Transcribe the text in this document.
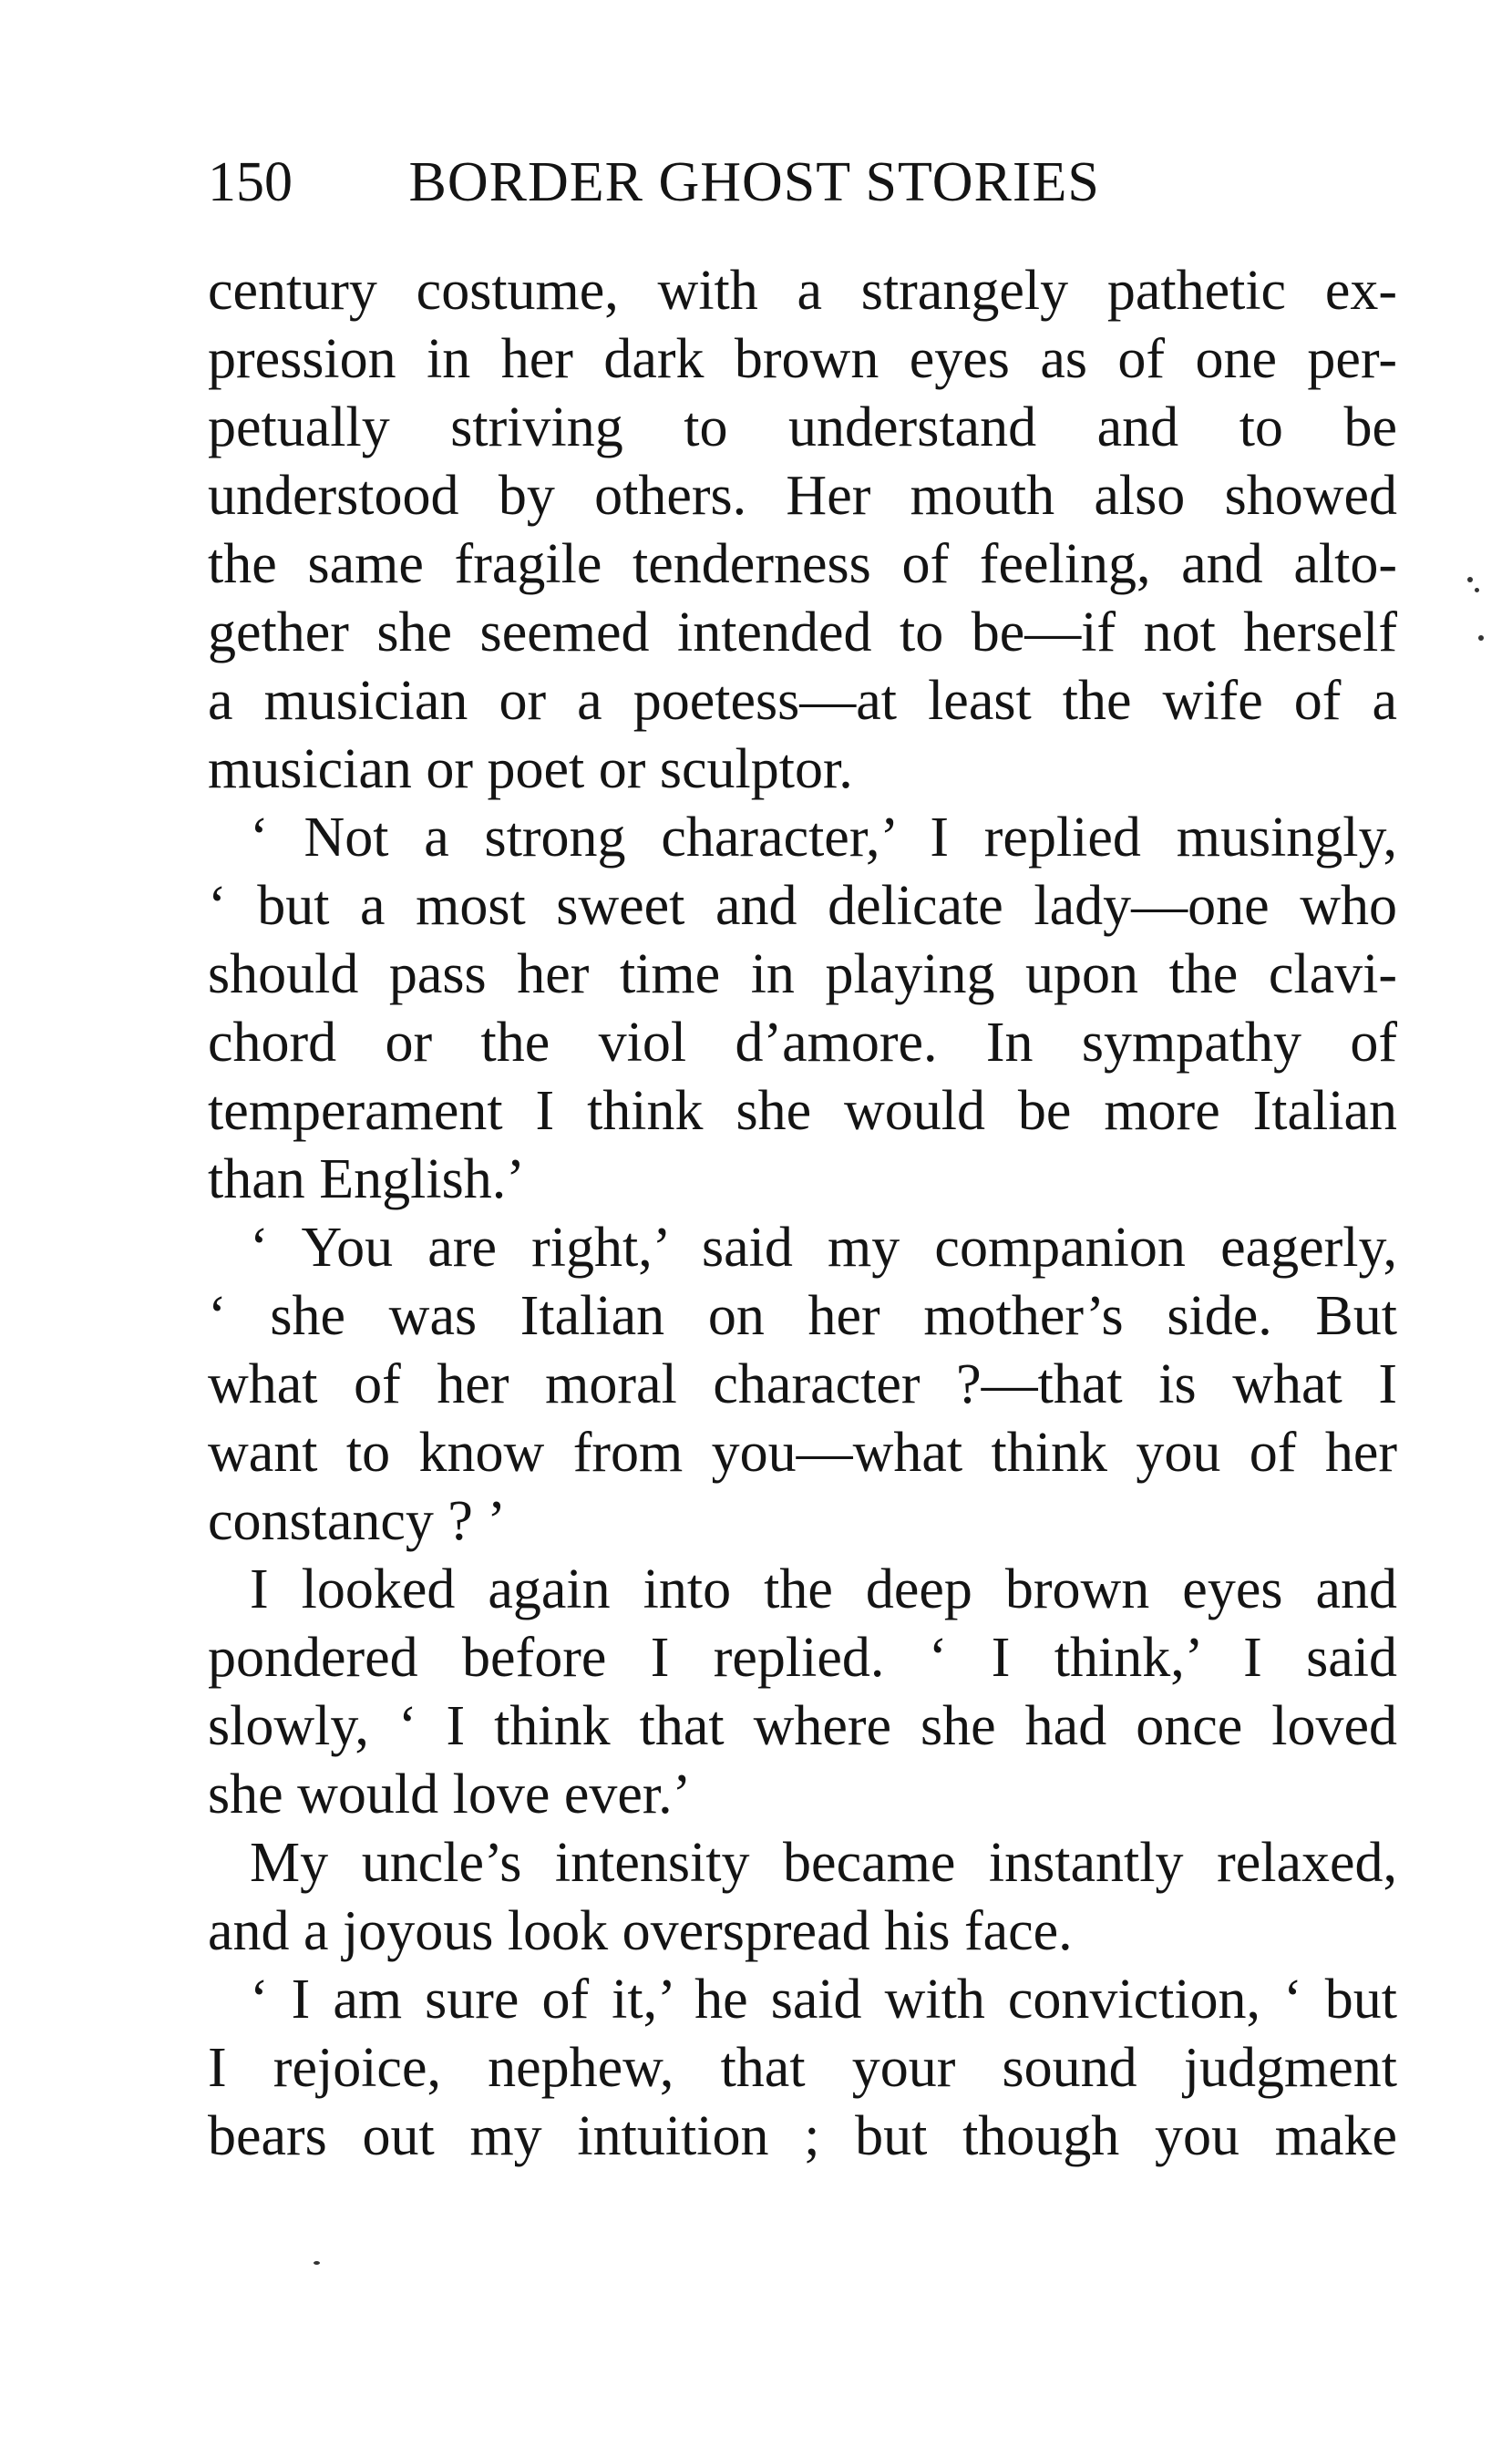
150 BORDER GHOST STORIES
century costume, with a strangely pathetic ex-
pression in her dark brown eyes as of one per-
petually striving to understand and to be
understood by others. Her mouth also showed
the same fragile tenderness of feeling, and alto-
gether she seemed intended to be—if not herself
a musician or a poetess—at least the wife of a
musician or poet or sculptor.
‘ Not a strong character,’ I replied musingly,
‘ but a most sweet and delicate lady—one who
should pass her time in playing upon the clavi-
chord or the viol d’amore. In sympathy of
temperament I think she would be more Italian
than English.’
‘ You are right,’ said my companion eagerly,
‘ she was Italian on her mother’s side. But
what of her moral character ?—that is what I
want to know from you—what think you of her
constancy ? ’
I looked again into the deep brown eyes and
pondered before I replied. ‘ I think,’ I said
slowly, ‘ I think that where she had once loved
she would love ever.’
My uncle’s intensity became instantly relaxed,
and a joyous look overspread his face.
‘ I am sure of it,’ he said with conviction, ‘ but
I rejoice, nephew, that your sound judgment
bears out my intuition ; but though you make
